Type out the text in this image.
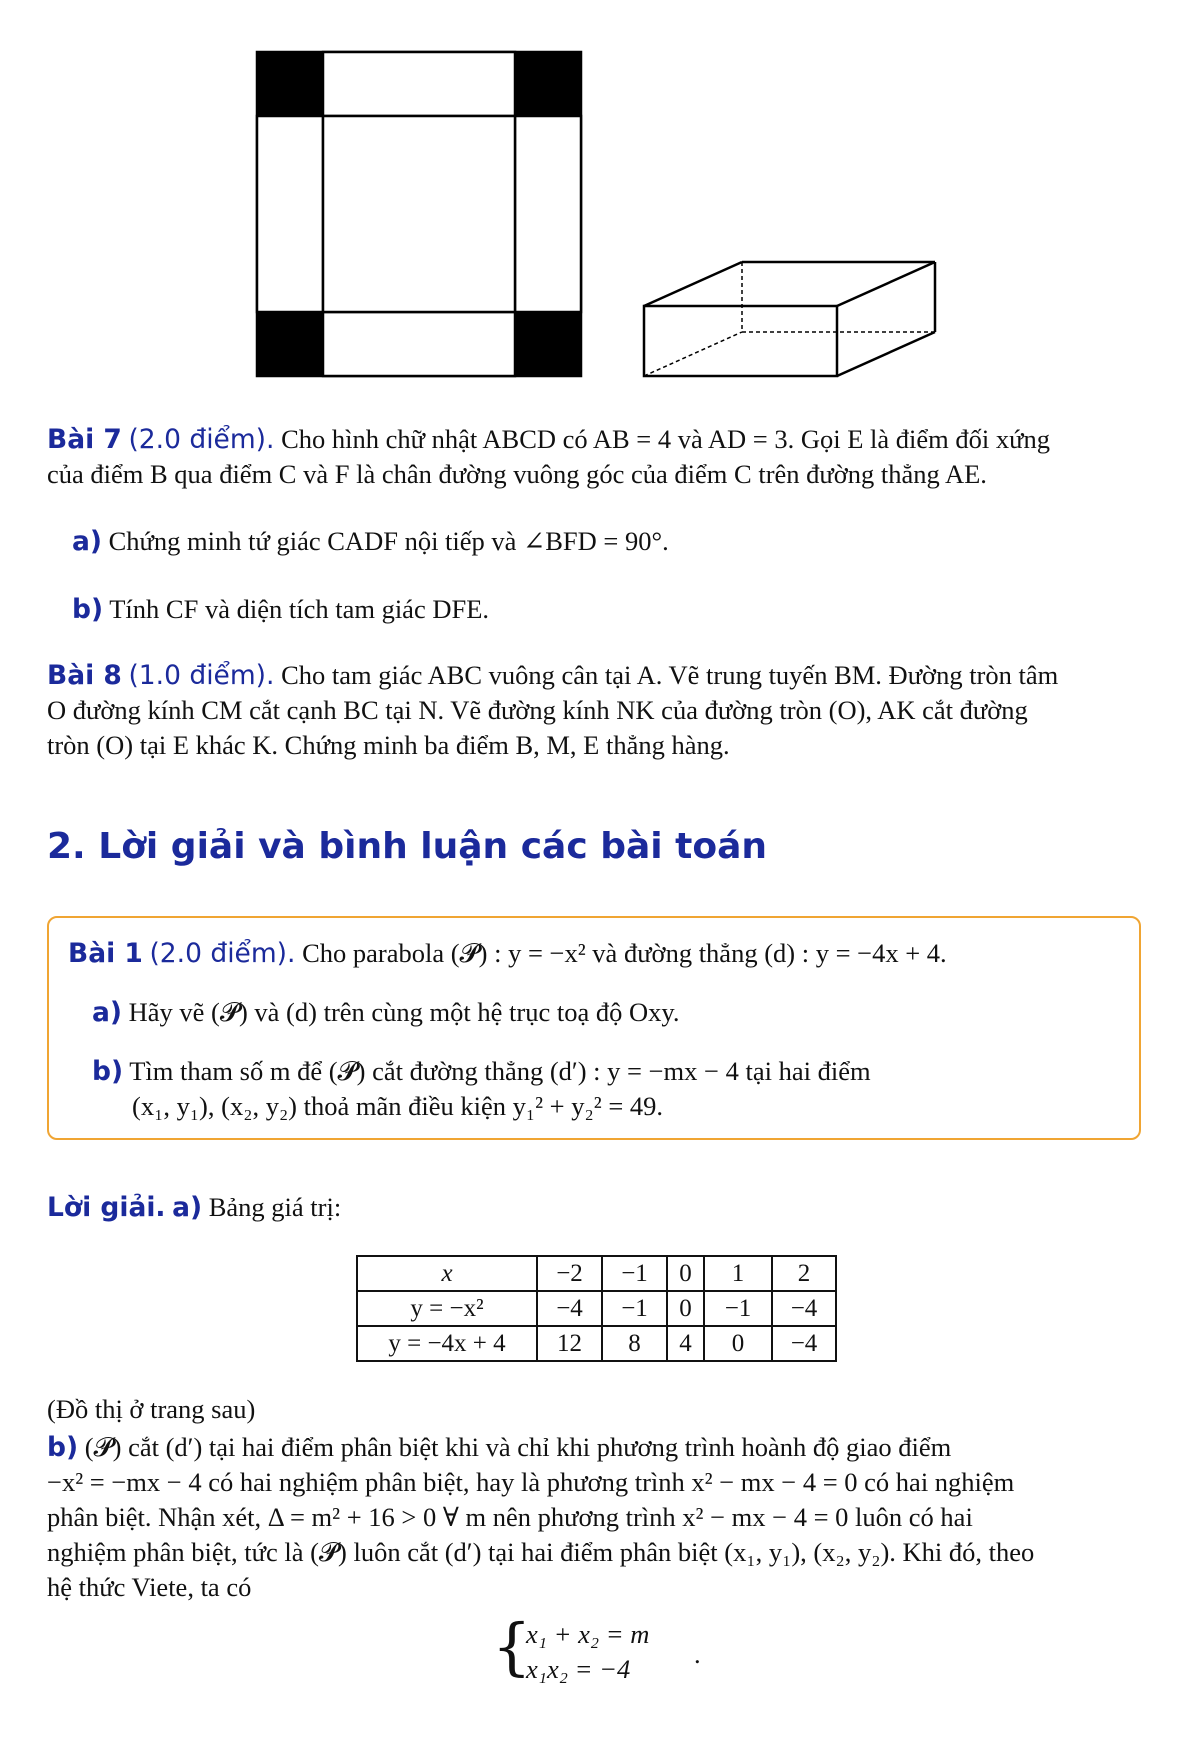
Bài 7 (2.0 điểm). Cho hình chữ nhật ABCD có AB = 4 và AD = 3. Gọi E là điểm đối xứng

của điểm B qua điểm C và F là chân đường vuông góc của điểm C trên đường thẳng AE.

a) Chứng minh tứ giác CADF nội tiếp và ∠BFD = 90°.
b) Tính CF và diện tích tam giác DFE.

Bài 8 (1.0 điểm). Cho tam giác ABC vuông cân tại A. Vẽ trung tuyến BM. Đường tròn tâm

O đường kính CM cắt cạnh BC tại N. Vẽ đường kính NK của đường tròn (O), AK cắt đường

tròn (O) tại E khác K. Chứng minh ba điểm B, M, E thẳng hàng.

2. Lời giải và bình luận các bài toán
Bài 1 (2.0 điểm). Cho parabola (𝓟) : y = −x² và đường thẳng (d) : y = −4x + 4.
a) Hãy vẽ (𝓟) và (d) trên cùng một hệ trục toạ độ Oxy.

b) Tìm tham số m để (𝓟) cắt đường thẳng (d′) : y = −mx − 4 tại hai điểm

(x₁, y₁), (x₂, y₂) thoả mãn điều kiện y₁² + y₂² = 49.

Lời giải. a) Bảng giá trị:
x	−2	−1	0	1	2
y = −x²	−4	−1	0	−1	−4
y = −4x + 4	12	8	4	0	−4
(Đồ thị ở trang sau)

b) (𝓟) cắt (d′) tại hai điểm phân biệt khi và chỉ khi phương trình hoành độ giao điểm

−x² = −mx − 4 có hai nghiệm phân biệt, hay là phương trình x² − mx − 4 = 0 có hai nghiệm

phân biệt. Nhận xét, Δ = m² + 16 > 0 ∀ m nên phương trình x² − mx − 4 = 0 luôn có hai

nghiệm phân biệt, tức là (𝓟) luôn cắt (d′) tại hai điểm phân biệt (x₁, y₁), (x₂, y₂). Khi đó, theo

hệ thức Viete, ta có

{
x₁ + x₂ = m
x₁x₂ = −4 .
